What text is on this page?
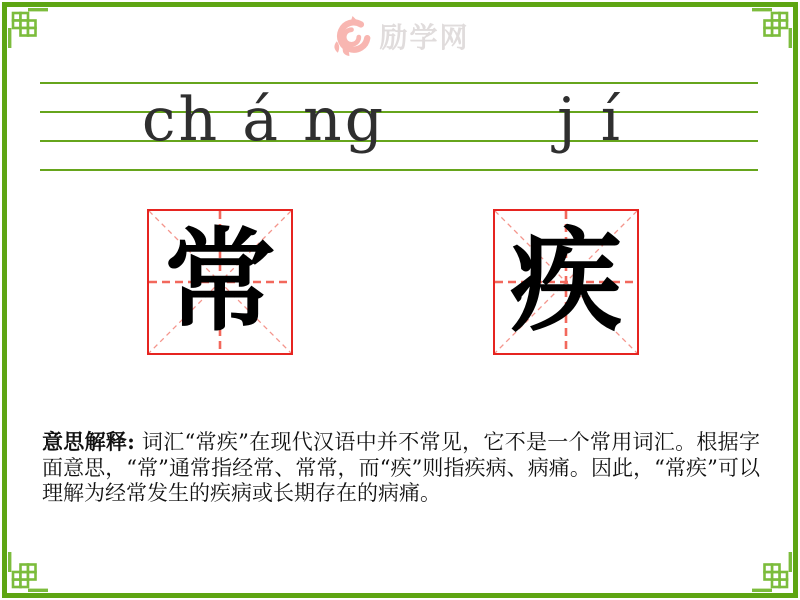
励学网
ch á ng	j í
常 疾

意思解释: 词汇“常疾”在现代汉语中并不常见，它不是一个常用词汇。根据字面意思，“常”通常指经常、常常，而“疾”则指疾病、病痛。因此，“常疾”可以理解为经常发生的疾病或长期存在的病痛。
